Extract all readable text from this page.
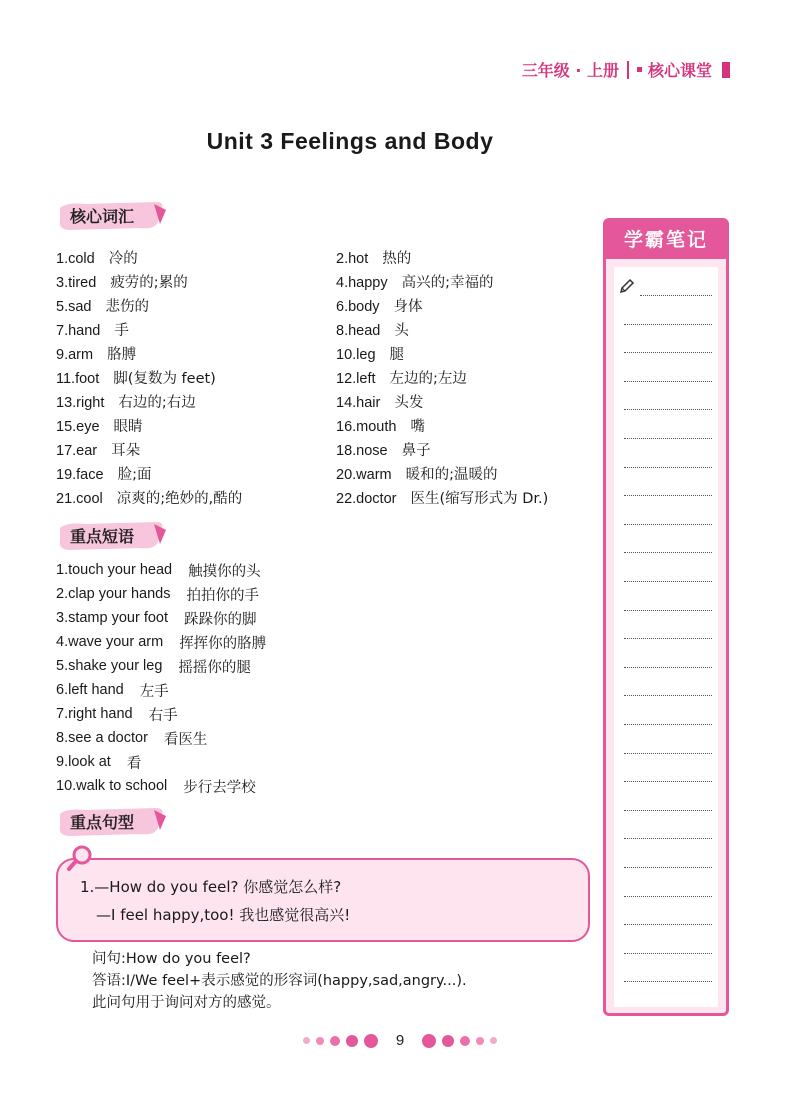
三年级 · 上册 核心课堂
Unit 3 Feelings and Body
核心词汇
1.cold 冷的	2.hot 热的
3.tired 疲劳的;累的	4.happy 高兴的;幸福的
5.sad 悲伤的	6.body 身体
7.hand 手	8.head 头
9.arm 胳膊	10.leg 腿
11.foot 脚(复数为 feet)	12.left 左边的;左边
13.right 右边的;右边	14.hair 头发
15.eye 眼睛	16.mouth 嘴
17.ear 耳朵	18.nose 鼻子
19.face 脸;面	20.warm 暖和的;温暖的
21.cool 凉爽的;绝妙的,酷的	22.doctor 医生(缩写形式为 Dr.)
重点短语
1.touch your head 触摸你的头
2.clap your hands 拍拍你的手
3.stamp your foot 跺跺你的脚
4.wave your arm 挥挥你的胳膊
5.shake your leg 摇摇你的腿
6.left hand 左手
7.right hand 右手
8.see a doctor 看医生
9.look at 看
10.walk to school 步行去学校
重点句型
1.—How do you feel? 你感觉怎么样?
—I feel happy,too! 我也感觉很高兴!
问句:How do you feel?
答语:I/We feel+表示感觉的形容词(happy,sad,angry...).
此问句用于询问对方的感觉。
学霸笔记
9
